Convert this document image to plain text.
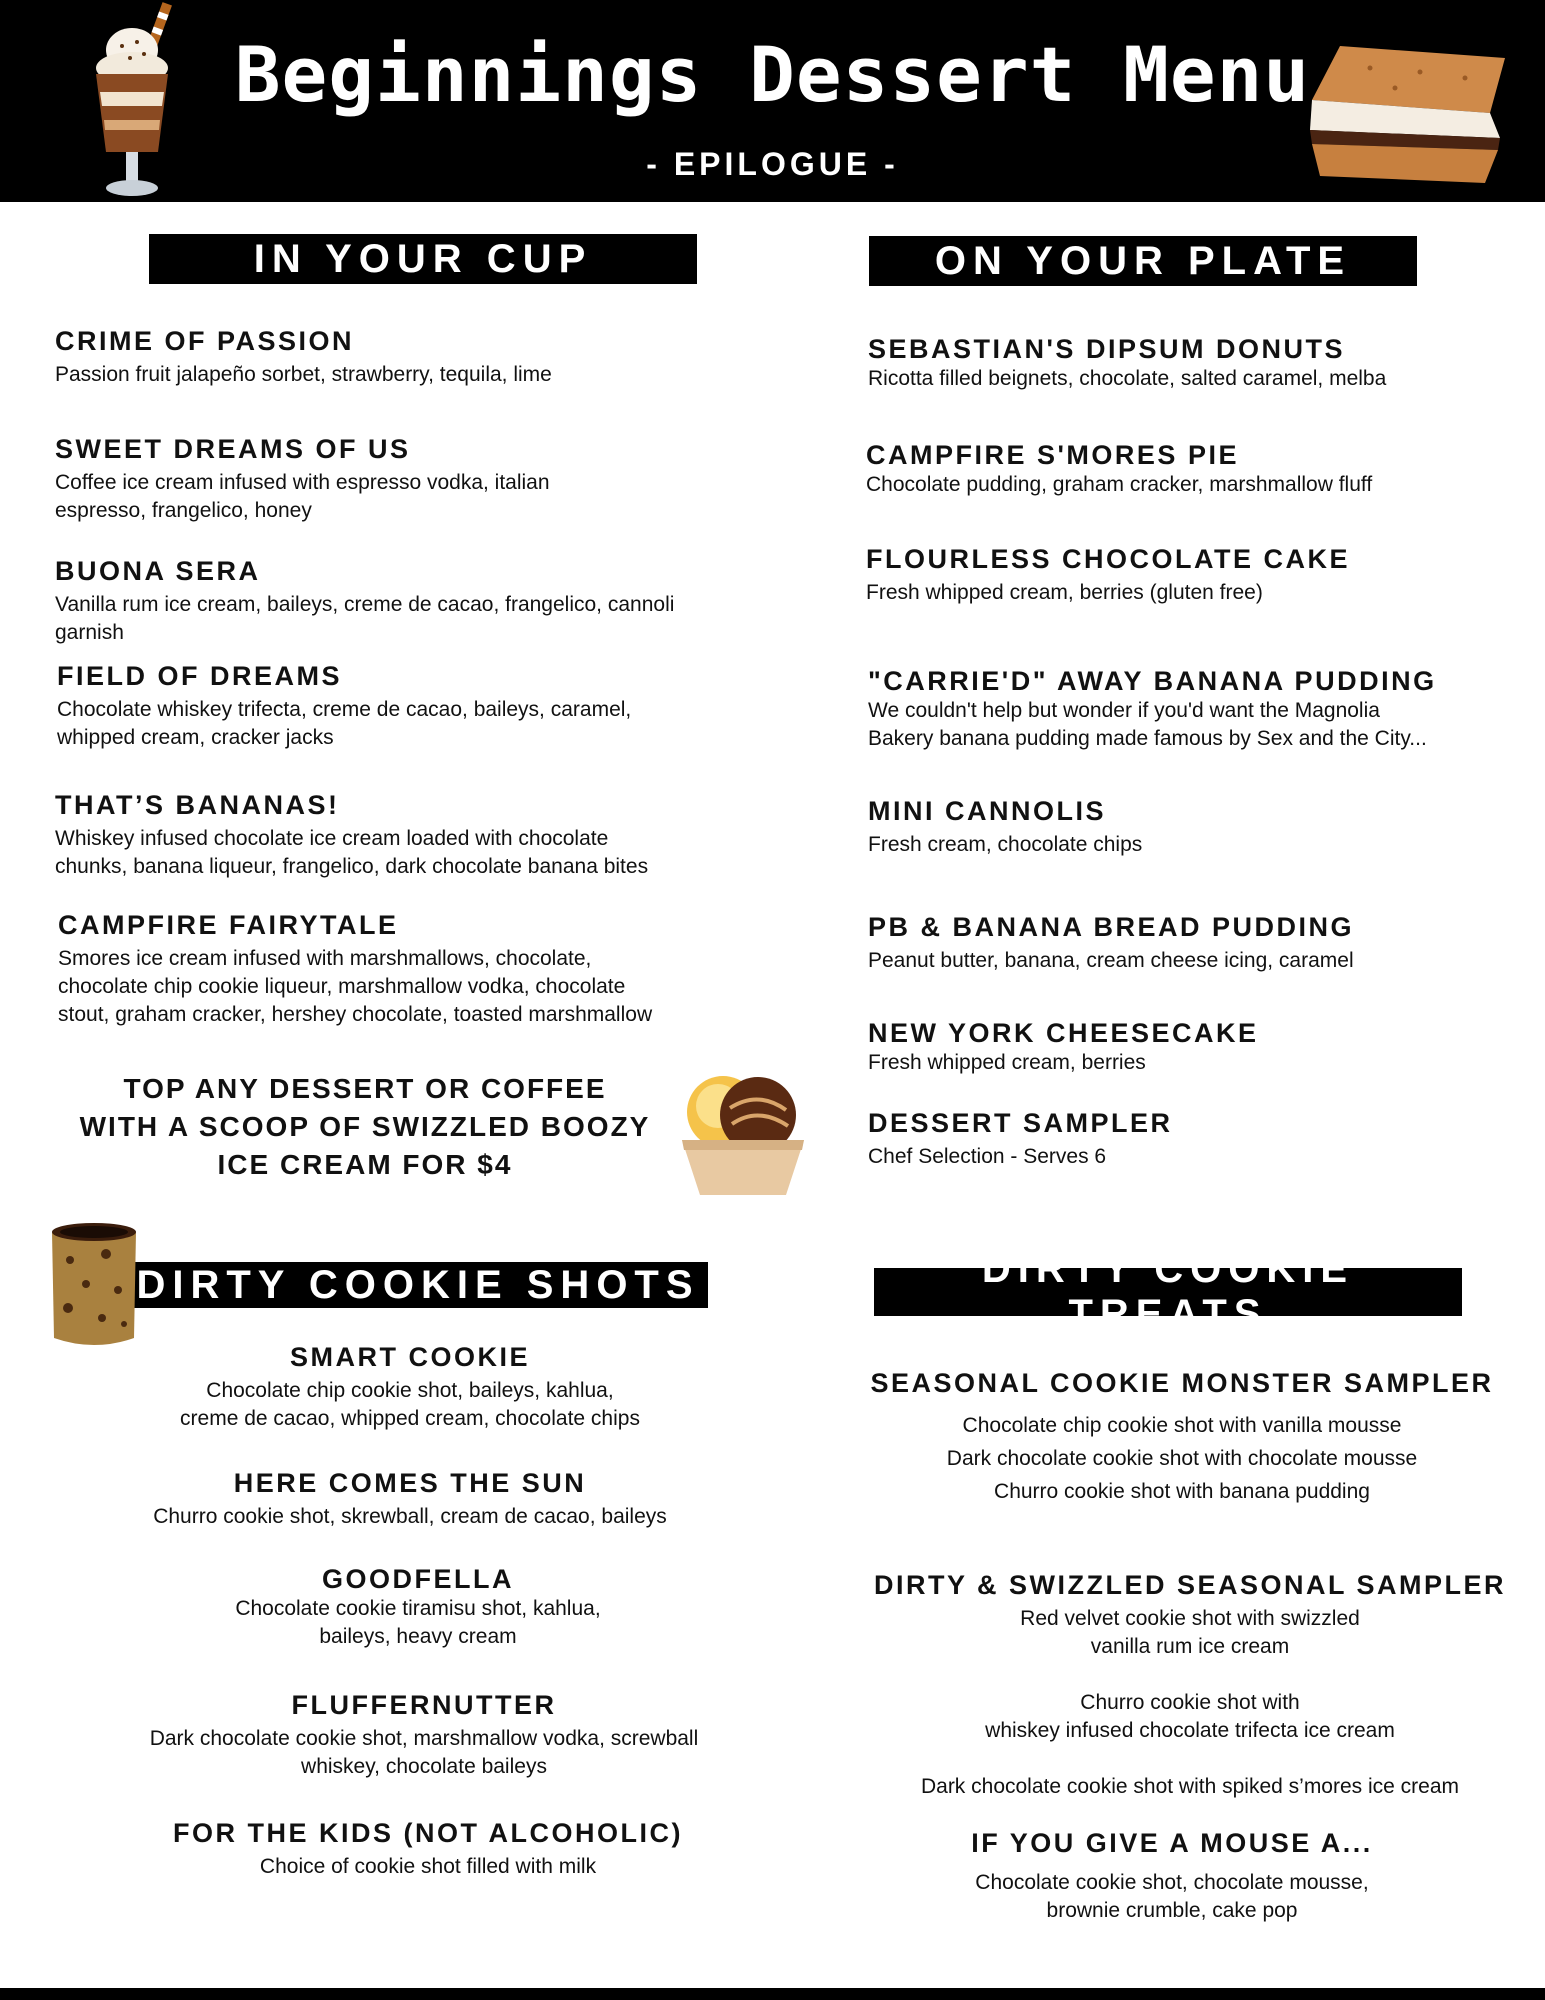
Beginnings Dessert Menu

- EPILOGUE -

IN YOUR CUP	ON YOUR PLATE
DIRTY COOKIE SHOTS	DIRTY COOKIE TREATS

CRIME OF PASSION

Passion fruit jalapeño sorbet, strawberry, tequila, lime

SWEET DREAMS OF US

Coffee ice cream infused with espresso vodka, italian
espresso, frangelico, honey

BUONA SERA

Vanilla rum ice cream, baileys, creme de cacao, frangelico, cannoli
garnish

FIELD OF DREAMS

Chocolate whiskey trifecta, creme de cacao, baileys, caramel,
whipped cream, cracker jacks

THAT’S BANANAS!

Whiskey infused chocolate ice cream loaded with chocolate
chunks, banana liqueur, frangelico, dark chocolate banana bites

CAMPFIRE FAIRYTALE

Smores ice cream infused with marshmallows, chocolate,
chocolate chip cookie liqueur, marshmallow vodka, chocolate
stout, graham cracker, hershey chocolate, toasted marshmallow

TOP ANY DESSERT OR COFFEE
WITH A SCOOP OF SWIZZLED BOOZY
ICE CREAM FOR $4

SEBASTIAN'S DIPSUM DONUTS

Ricotta filled beignets, chocolate, salted caramel, melba

CAMPFIRE S'MORES PIE

Chocolate pudding, graham cracker, marshmallow fluff

FLOURLESS CHOCOLATE CAKE

Fresh whipped cream, berries (gluten free)

"CARRIE'D" AWAY BANANA PUDDING

We couldn't help but wonder if you'd want the Magnolia
Bakery banana pudding made famous by Sex and the City...

MINI CANNOLIS

Fresh cream, chocolate chips

PB & BANANA BREAD PUDDING

Peanut butter, banana, cream cheese icing, caramel

NEW YORK CHEESECAKE

Fresh whipped cream, berries

DESSERT SAMPLER

Chef Selection - Serves 6

SMART COOKIE

Chocolate chip cookie shot, baileys, kahlua,
creme de cacao, whipped cream, chocolate chips

HERE COMES THE SUN

Churro cookie shot, skrewball, cream de cacao, baileys

GOODFELLA

Chocolate cookie tiramisu shot, kahlua,
baileys, heavy cream

FLUFFERNUTTER

Dark chocolate cookie shot, marshmallow vodka, screwball
whiskey, chocolate baileys

FOR THE KIDS (NOT ALCOHOLIC)

Choice of cookie shot filled with milk

SEASONAL COOKIE MONSTER SAMPLER

Chocolate chip cookie shot with vanilla mousse
Dark chocolate cookie shot with chocolate mousse
Churro cookie shot with banana pudding

DIRTY & SWIZZLED SEASONAL SAMPLER

Red velvet cookie shot with swizzled
vanilla rum ice cream

Churro cookie shot with
whiskey infused chocolate trifecta ice cream

Dark chocolate cookie shot with spiked s’mores ice cream

IF YOU GIVE A MOUSE A...

Chocolate cookie shot, chocolate mousse,
brownie crumble, cake pop
